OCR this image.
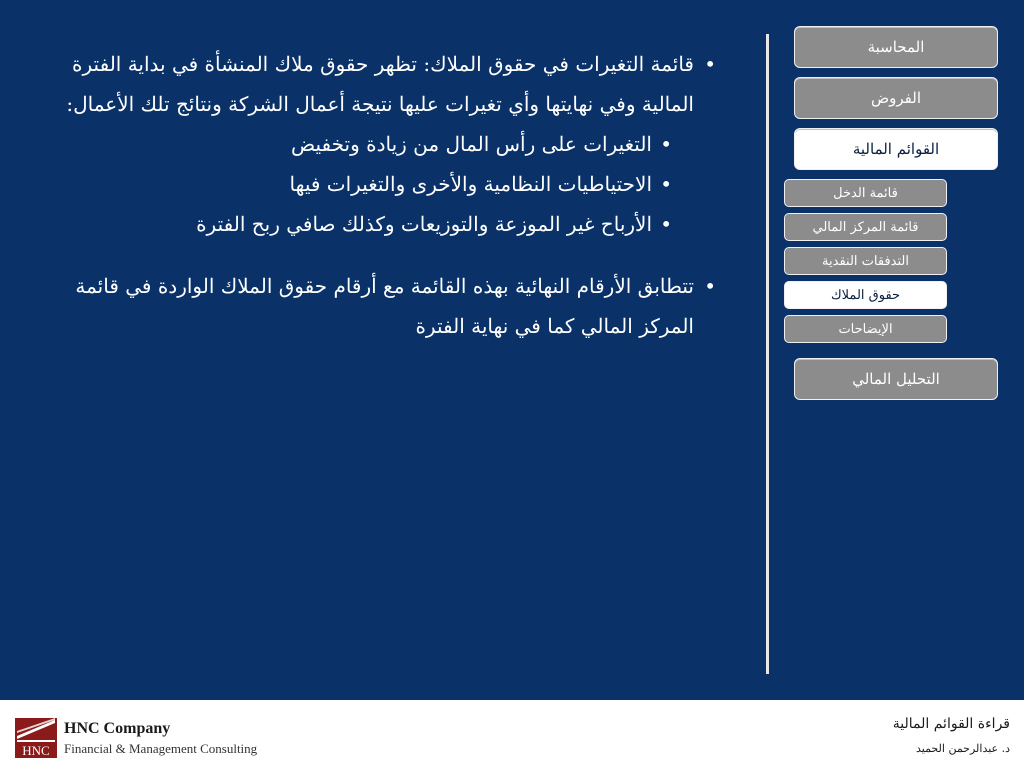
•
قائمة التغيرات في حقوق الملاك: تظهر حقوق ملاك المنشأة في بداية الفترة المالية وفي نهايتها وأي تغيرات عليها نتيجة أعمال الشركة ونتائج تلك الأعمال:

•
التغيرات على رأس المال من زيادة وتخفيض

•
الاحتياطيات النظامية والأخرى والتغيرات فيها

•
الأرباح غير الموزعة والتوزيعات وكذلك صافي ربح الفترة

•
تتطابق الأرقام النهائية بهذه القائمة مع أرقام حقوق الملاك الواردة في قائمة المركز المالي كما في نهاية الفترة

المحاسبة
الفروض
القوائم المالية
قائمة الدخل
قائمة المركز المالي
التدفقات النقدية
حقوق الملاك
الإيضاحات
التحليل المالي
HNC
HNC Company
Financial & Management Consulting
قراءة القوائم المالية
د. عبدالرحمن الحميد
